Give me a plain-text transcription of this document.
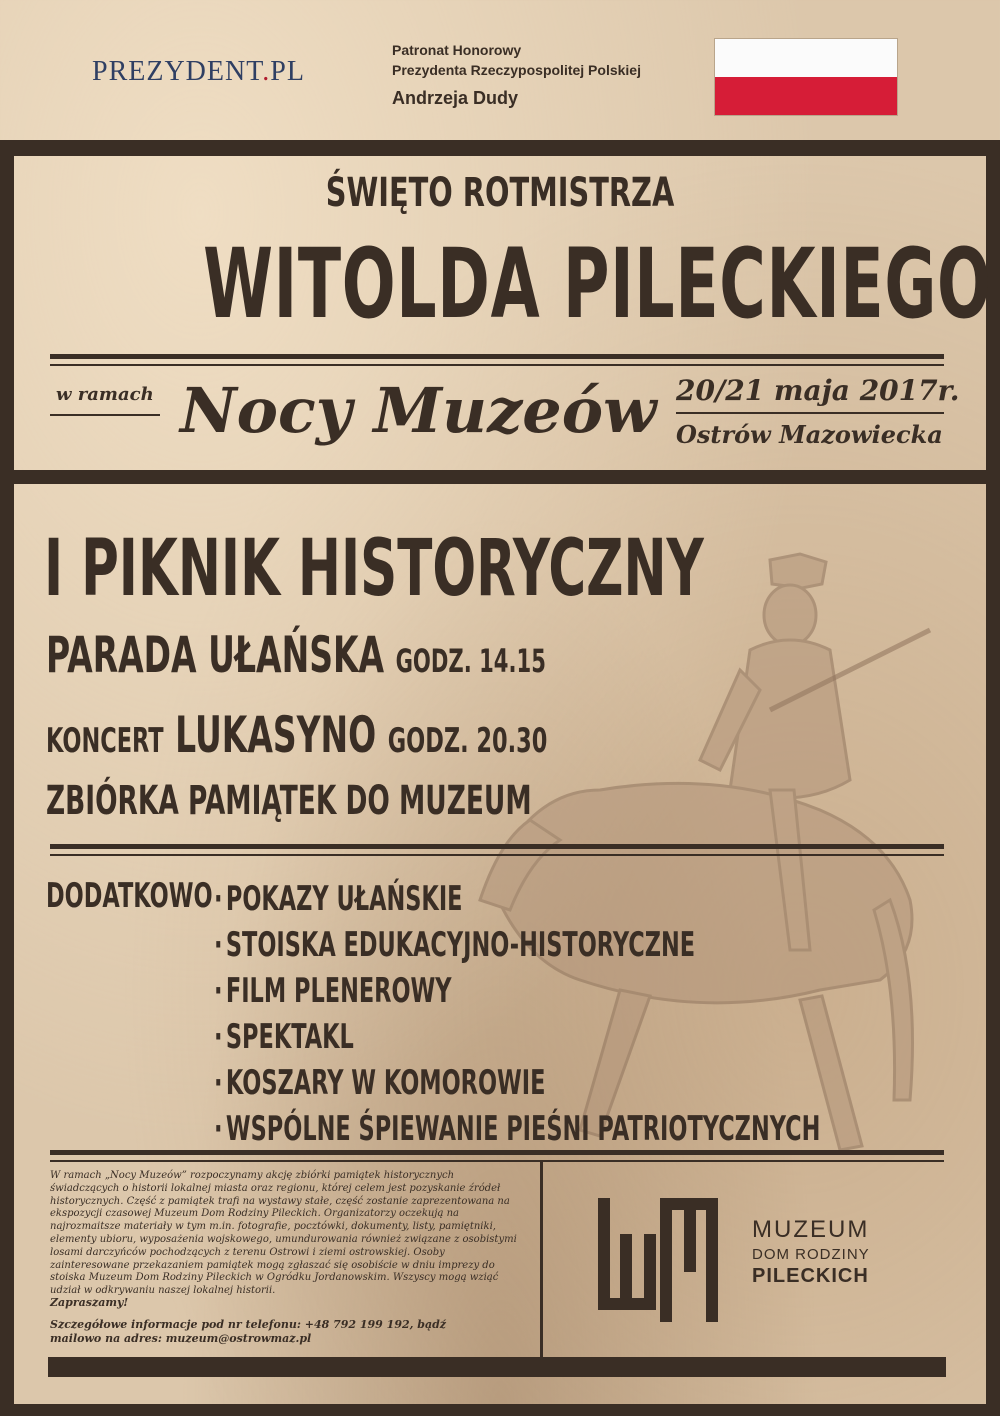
PREZYDENT.PL
Patronat Honorowy
Prezydenta Rzeczypospolitej Polskiej
Andrzeja Dudy
ŚWIĘTO ROTMISTRZA
WITOLDA PILECKIEGO
w ramach Nocy Muzeów 20/21 maja 2017r.
Ostrów Mazowiecka
I PIKNIK HISTORYCZNY
PARADA UŁAŃSKA GODZ. 14.15
KONCERT LUKASYNO GODZ. 20.30
ZBIÓRKA PAMIĄTEK DO MUZEUM
DODATKOWO ·POKAZY UŁAŃSKIE
·STOISKA EDUKACYJNO-HISTORYCZNE
·FILM PLENEROWY
·SPEKTAKL
·KOSZARY W KOMOROWIE
·WSPÓLNE ŚPIEWANIE PIEŚNI PATRIOTYCZNYCH
W ramach „Nocy Muzeów” rozpoczynamy akcję zbiórki pamiątek historycznych świadczących o historii lokalnej miasta oraz regionu, której celem jest pozyskanie źródeł historycznych. Część z pamiątek trafi na wystawy stałe, część zostanie zaprezentowana na ekspozycji czasowej Muzeum Dom Rodziny Pileckich. Organizatorzy oczekują na najrozmaitsze materiały w tym m.in. fotografie, pocztówki, dokumenty, listy, pamiętniki, elementy ubioru, wyposażenia wojskowego, umundurowania również związane z osobistymi losami darczyńców pochodzących z terenu Ostrowi i ziemi ostrowskiej. Osoby zainteresowane przekazaniem pamiątek mogą zgłaszać się osobiście w dniu imprezy do stoiska Muzeum Dom Rodziny Pileckich w Ogródku Jordanowskim. Wszyscy mogą wziąć udział w odkrywaniu naszej lokalnej historii.
Zapraszamy!
Szczegółowe informacje pod nr telefonu: +48 792 199 192, bądź mailowo na adres: muzeum@ostrowmaz.pl
MUZEUM
DOM RODZINY
PILECKICH
